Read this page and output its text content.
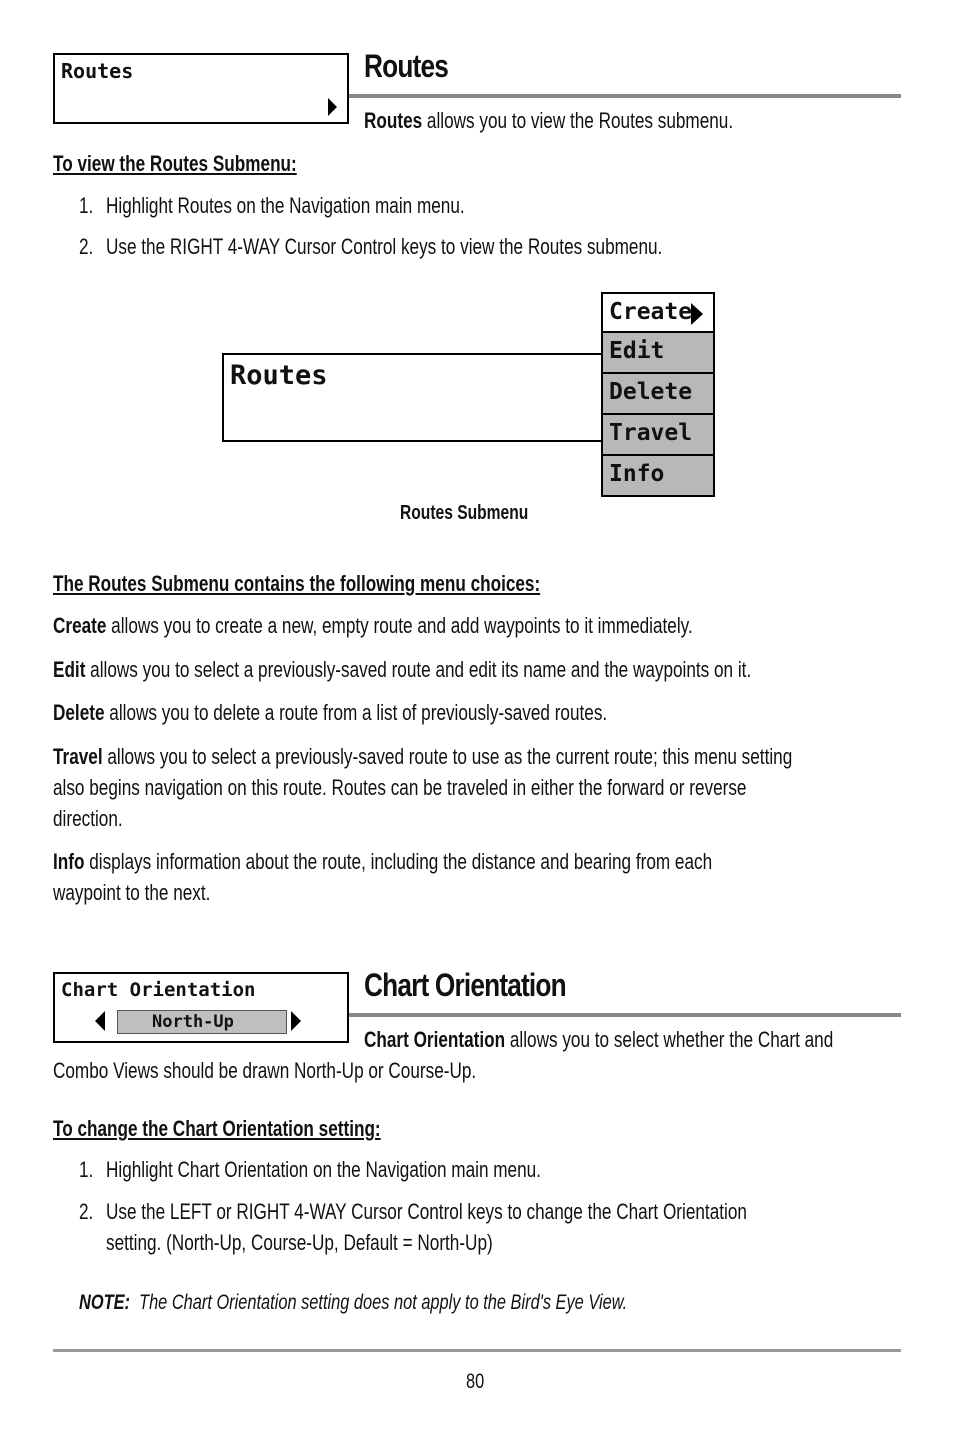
Routes	Routes
Routes allows you to view the Routes submenu.
To view the Routes Submenu:
1. Highlight Routes on the Navigation main menu.
2. Use the RIGHT 4-WAY Cursor Control keys to view the Routes submenu.
Routes
Create
Edit
Delete
Travel
Info
Routes Submenu
The Routes Submenu contains the following menu choices:
Create allows you to create a new, empty route and add waypoints to it immediately.
Edit allows you to select a previously-saved route and edit its name and the waypoints on it.
Delete allows you to delete a route from a list of previously-saved routes.
Travel allows you to select a previously-saved route to use as the current route; this menu setting
also begins navigation on this route. Routes can be traveled in either the forward or reverse
direction.
Info displays information about the route, including the distance and bearing from each
waypoint to the next.
Chart Orientation
North-Up
Chart Orientation
Chart Orientation allows you to select whether the Chart and
Combo Views should be drawn North-Up or Course-Up.
To change the Chart Orientation setting:
1. Highlight Chart Orientation on the Navigation main menu.
2. Use the LEFT or RIGHT 4-WAY Cursor Control keys to change the Chart Orientation
setting. (North-Up, Course-Up, Default = North-Up)
NOTE: The Chart Orientation setting does not apply to the Bird's Eye View.
80
